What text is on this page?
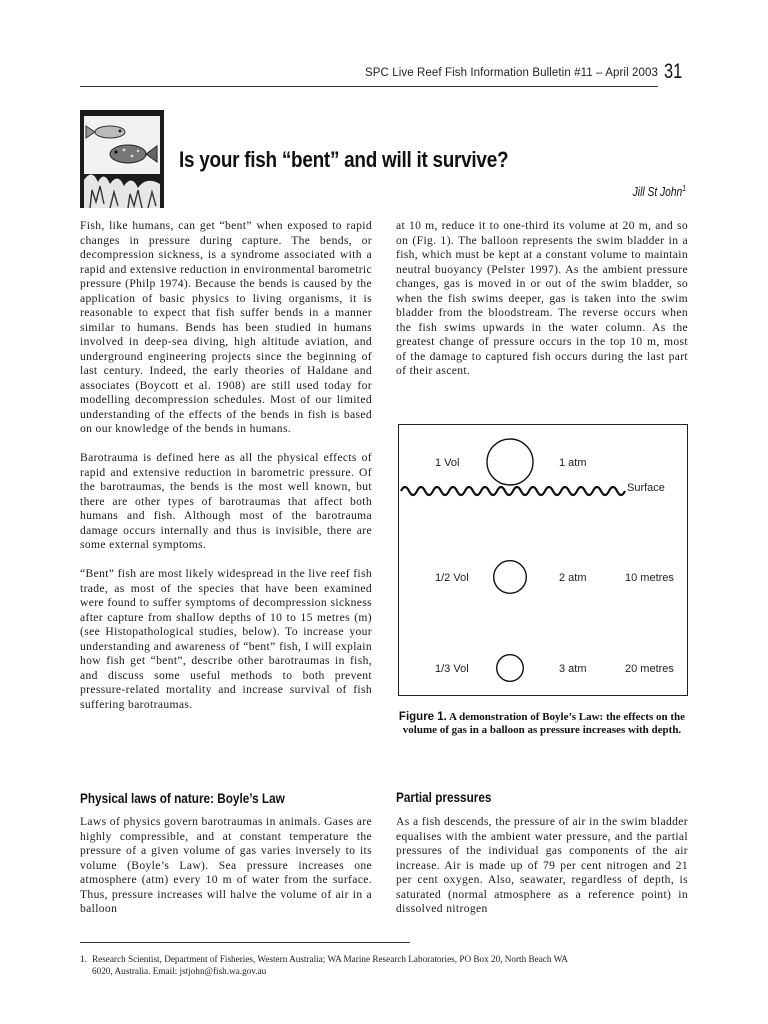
SPC Live Reef Fish Information Bulletin #11 – April 2003 31
Is your fish “bent” and will it survive?
Jill St John$^1$

Fish, like humans, can get “bent” when exposed to rapid changes in pressure during capture. The bends, or decompression sickness, is a syndrome associated with a rapid and extensive reduction in environmental barometric pressure (Philp 1974). Because the bends is caused by the application of basic physics to living organisms, it is reasonable to expect that fish suffer bends in a manner similar to humans. Bends has been studied in humans involved in deep-sea diving, high altitude aviation, and underground engineering projects since the beginning of last century. Indeed, the early theories of Haldane and associates (Boycott et al. 1908) are still used today for modelling decompression schedules. Most of our limited understanding of the effects of the bends in fish is based on our knowledge of the bends in humans.

Barotrauma is defined here as all the physical effects of rapid and extensive reduction in barometric pressure. Of the barotraumas, the bends is the most well known, but there are other types of barotraumas that affect both humans and fish. Although most of the barotrauma damage occurs internally and thus is invisible, there are some external symptoms.

“Bent” fish are most likely widespread in the live reef fish trade, as most of the species that have been examined were found to suffer symptoms of decompression sickness after capture from shallow depths of 10 to 15 metres (m) (see Histopathological studies, below). To increase your understanding and awareness of “bent” fish, I will explain how fish get “bent”, describe other barotraumas in fish, and discuss some useful methods to both prevent pressure-related mortality and increase survival of fish suffering barotraumas.

at 10 m, reduce it to one-third its volume at 20 m, and so on (Fig. 1). The balloon represents the swim bladder in a fish, which must be kept at a constant volume to maintain neutral buoyancy (Pelster 1997). As the ambient pressure changes, gas is moved in or out of the swim bladder, so when the fish swims deeper, gas is taken into the swim bladder from the bloodstream. The reverse occurs when the fish swims upwards in the water column. As the greatest change of pressure occurs in the top 10 m, most of the damage to captured fish occurs during the last part of their ascent.

1 Vol	1 atm
1/2 Vol	2 atm	10 metres
1/3 Vol	3 atm	20 metres
Surface
Figure 1. A demonstration of Boyle’s Law: the effects on the volume of gas in a balloon as pressure increases with depth.
Physical laws of nature: Boyle’s Law
Laws of physics govern barotraumas in animals. Gases are highly compressible, and at constant temperature the pressure of a given volume of gas varies inversely to its volume (Boyle’s Law). Sea pressure increases one atmosphere (atm) every 10 m of water from the surface. Thus, pressure increases will halve the volume of air in a balloon
Partial pressures
As a fish descends, the pressure of air in the swim bladder equalises with the ambient water pressure, and the partial pressures of the individual gas components of the air increase. Air is made up of 79 per cent nitrogen and 21 per cent oxygen. Also, seawater, regardless of depth, is saturated (normal atmosphere as a reference point) in dissolved nitrogen
1. Research Scientist, Department of Fisheries, Western Australia; WA Marine Research Laboratories, PO Box 20, North Beach WA
6020, Australia. Email: jstjohn@fish.wa.gov.au
